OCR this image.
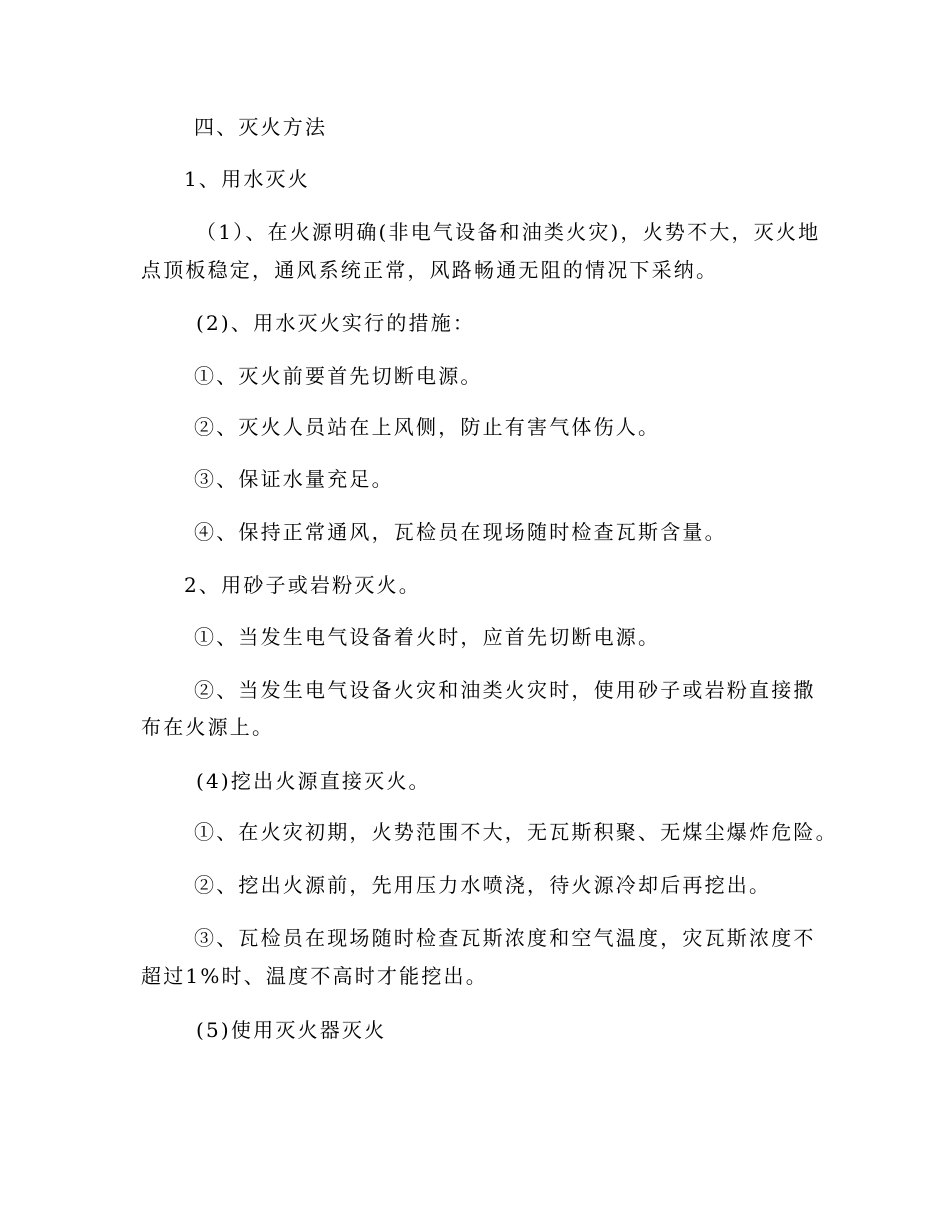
四、灭火方法

1、用水灭火

（1）、在火源明确(非电气设备和油类火灾)，火势不大，灭火地

点顶板稳定，通风系统正常，风路畅通无阻的情况下采纳。

(2)、用水灭火实行的措施：

①、灭火前要首先切断电源。

②、灭火人员站在上风侧，防止有害气体伤人。

③、保证水量充足。

④、保持正常通风，瓦检员在现场随时检查瓦斯含量。

2、用砂子或岩粉灭火。

①、当发生电气设备着火时，应首先切断电源。

②、当发生电气设备火灾和油类火灾时，使用砂子或岩粉直接撒

布在火源上。

(4)挖出火源直接灭火。

①、在火灾初期，火势范围不大，无瓦斯积聚、无煤尘爆炸危险。

②、挖出火源前，先用压力水喷浇，待火源冷却后再挖出。

③、瓦检员在现场随时检查瓦斯浓度和空气温度，灾瓦斯浓度不

超过1%时、温度不高时才能挖出。

(5)使用灭火器灭火
